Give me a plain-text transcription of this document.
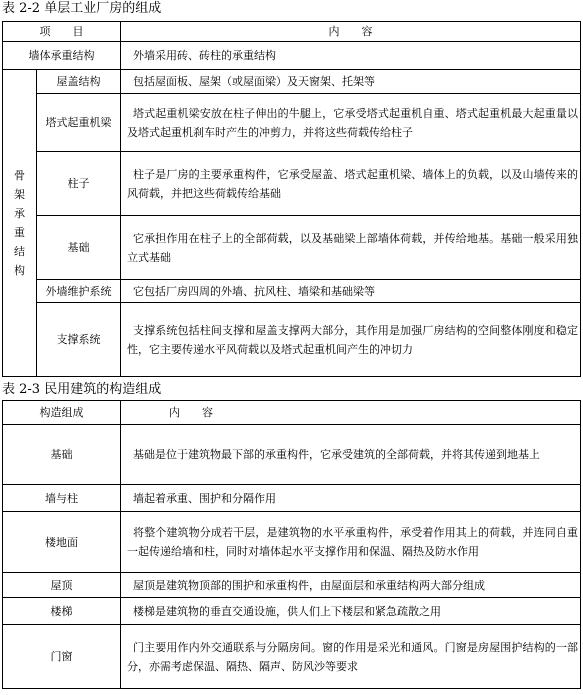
表 2-2 单层工业厂房的组成
项　　目		内　　容
墙体承重结构		外墙采用砖、砖柱的承重结构
骨架承重结构	屋盖结构	包括屋面板、屋架（或屋面梁）及天窗架、托架等
	塔式起重机梁	塔式起重机梁安放在柱子伸出的牛腿上，它承受塔式起重机自重、塔式起重机最大起重量以及塔式起重机刹车时产生的冲剪力，并将这些荷载传给柱子
	柱子	柱子是厂房的主要承重构件，它承受屋盖、塔式起重机梁、墙体上的负载，以及山墙传来的风荷载，并把这些荷载传给基础
	基础	它承担作用在柱子上的全部荷载，以及基础梁上部墙体荷载，并传给地基。基础一般采用独立式基础
	外墙维护系统	它包括厂房四周的外墙、抗风柱、墙梁和基础梁等
	支撑系统	支撑系统包括柱间支撑和屋盖支撑两大部分，其作用是加强厂房结构的空间整体刚度和稳定性，它主要传递水平风荷载以及塔式起重机间产生的冲切力
表 2-3 民用建筑的构造组成
构造组成	内　　容
基础	基础是位于建筑物最下部的承重构件，它承受建筑的全部荷载，并将其传递到地基上
墙与柱	墙起着承重、围护和分隔作用
楼地面	将整个建筑物分成若干层，是建筑物的水平承重构件，承受着作用其上的荷载，并连同自重一起传递给墙和柱，同时对墙体起水平支撑作用和保温、隔热及防水作用
屋顶	屋顶是建筑物顶部的围护和承重构件，由屋面层和承重结构两大部分组成
楼梯	楼梯是建筑物的垂直交通设施，供人们上下楼层和紧急疏散之用
门窗	门主要用作内外交通联系与分隔房间。窗的作用是采光和通风。门窗是房屋围护结构的一部分，亦需考虑保温、隔热、隔声、防风沙等要求
